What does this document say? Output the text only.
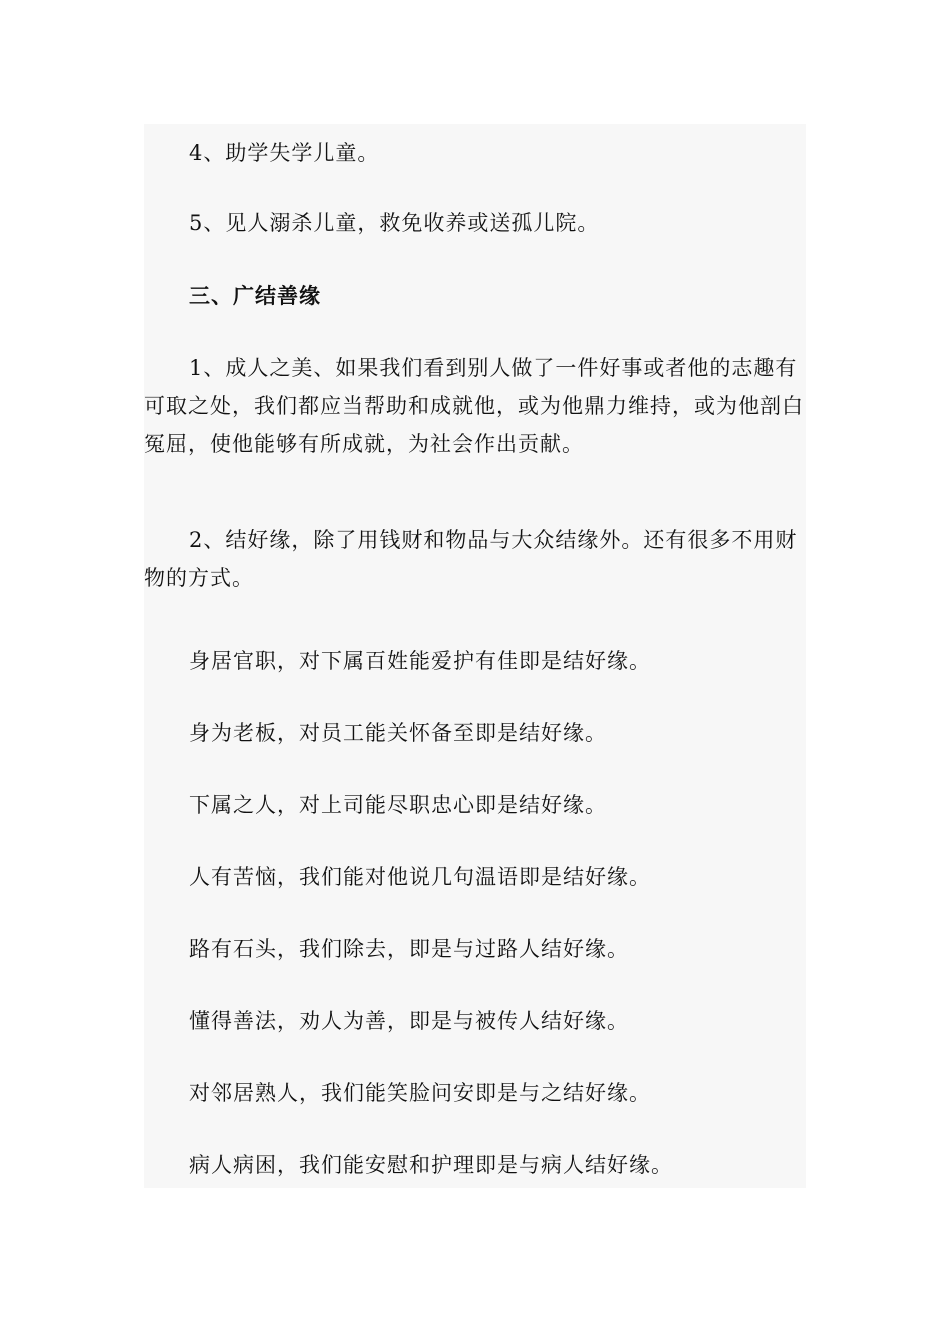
4、助学失学儿童。

5、见人溺杀儿童，救免收养或送孤儿院。

三、广结善缘

1、成人之美、如果我们看到别人做了一件好事或者他的志趣有可取之处，我们都应当帮助和成就他，或为他鼎力维持，或为他剖白冤屈，使他能够有所成就，为社会作出贡献。

2、结好缘，除了用钱财和物品与大众结缘外。还有很多不用财物的方式。

身居官职，对下属百姓能爱护有佳即是结好缘。

身为老板，对员工能关怀备至即是结好缘。

下属之人，对上司能尽职忠心即是结好缘。

人有苦恼，我们能对他说几句温语即是结好缘。

路有石头，我们除去，即是与过路人结好缘。

懂得善法，劝人为善，即是与被传人结好缘。

对邻居熟人，我们能笑脸问安即是与之结好缘。

病人病困，我们能安慰和护理即是与病人结好缘。
